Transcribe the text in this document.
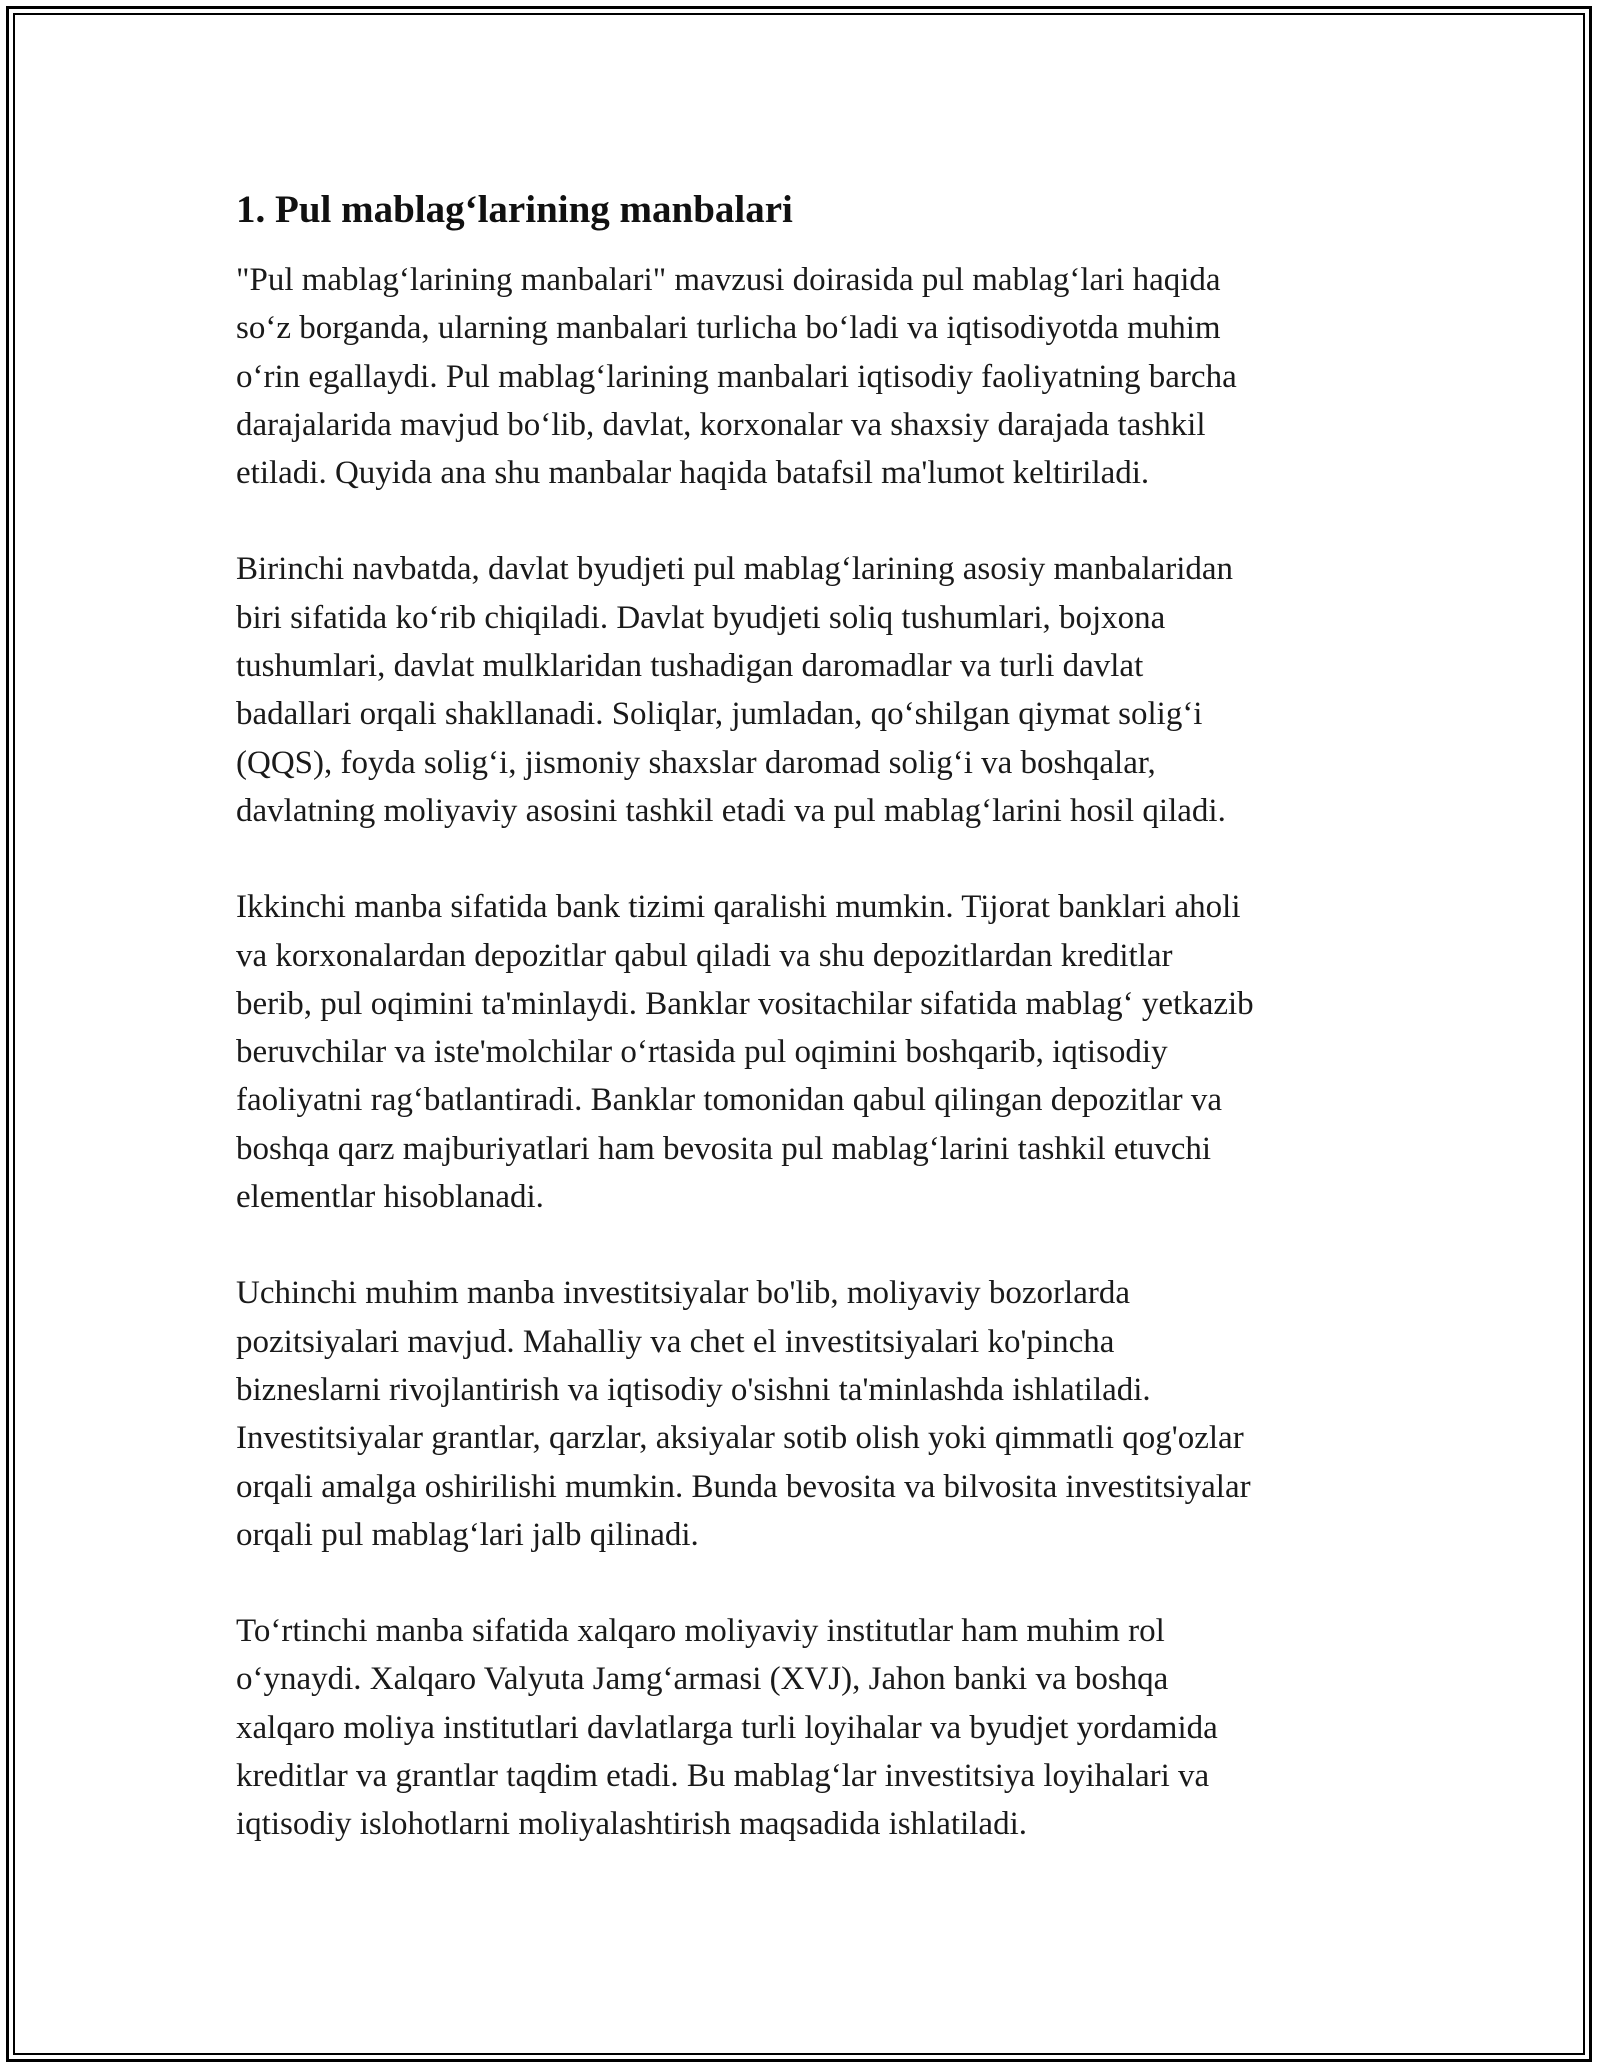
1. Pul mablag‘larining manbalari

"Pul mablag‘larining manbalari" mavzusi doirasida pul mablag‘lari haqida
so‘z borganda, ularning manbalari turlicha bo‘ladi va iqtisodiyotda muhim
o‘rin egallaydi. Pul mablag‘larining manbalari iqtisodiy faoliyatning barcha
darajalarida mavjud bo‘lib, davlat, korxonalar va shaxsiy darajada tashkil
etiladi. Quyida ana shu manbalar haqida batafsil ma'lumot keltiriladi.

Birinchi navbatda, davlat byudjeti pul mablag‘larining asosiy manbalaridan
biri sifatida ko‘rib chiqiladi. Davlat byudjeti soliq tushumlari, bojxona
tushumlari, davlat mulklaridan tushadigan daromadlar va turli davlat
badallari orqali shakllanadi. Soliqlar, jumladan, qo‘shilgan qiymat solig‘i
(QQS), foyda solig‘i, jismoniy shaxslar daromad solig‘i va boshqalar,
davlatning moliyaviy asosini tashkil etadi va pul mablag‘larini hosil qiladi.

Ikkinchi manba sifatida bank tizimi qaralishi mumkin. Tijorat banklari aholi
va korxonalardan depozitlar qabul qiladi va shu depozitlardan kreditlar
berib, pul oqimini ta'minlaydi. Banklar vositachilar sifatida mablag‘ yetkazib
beruvchilar va iste'molchilar o‘rtasida pul oqimini boshqarib, iqtisodiy
faoliyatni rag‘batlantiradi. Banklar tomonidan qabul qilingan depozitlar va
boshqa qarz majburiyatlari ham bevosita pul mablag‘larini tashkil etuvchi
elementlar hisoblanadi.

Uchinchi muhim manba investitsiyalar bo'lib, moliyaviy bozorlarda
pozitsiyalari mavjud. Mahalliy va chet el investitsiyalari ko'pincha
bizneslarni rivojlantirish va iqtisodiy o'sishni ta'minlashda ishlatiladi.
Investitsiyalar grantlar, qarzlar, aksiyalar sotib olish yoki qimmatli qog'ozlar
orqali amalga oshirilishi mumkin. Bunda bevosita va bilvosita investitsiyalar
orqali pul mablag‘lari jalb qilinadi.

To‘rtinchi manba sifatida xalqaro moliyaviy institutlar ham muhim rol
o‘ynaydi. Xalqaro Valyuta Jamg‘armasi (XVJ), Jahon banki va boshqa
xalqaro moliya institutlari davlatlarga turli loyihalar va byudjet yordamida
kreditlar va grantlar taqdim etadi. Bu mablag‘lar investitsiya loyihalari va
iqtisodiy islohotlarni moliyalashtirish maqsadida ishlatiladi.
